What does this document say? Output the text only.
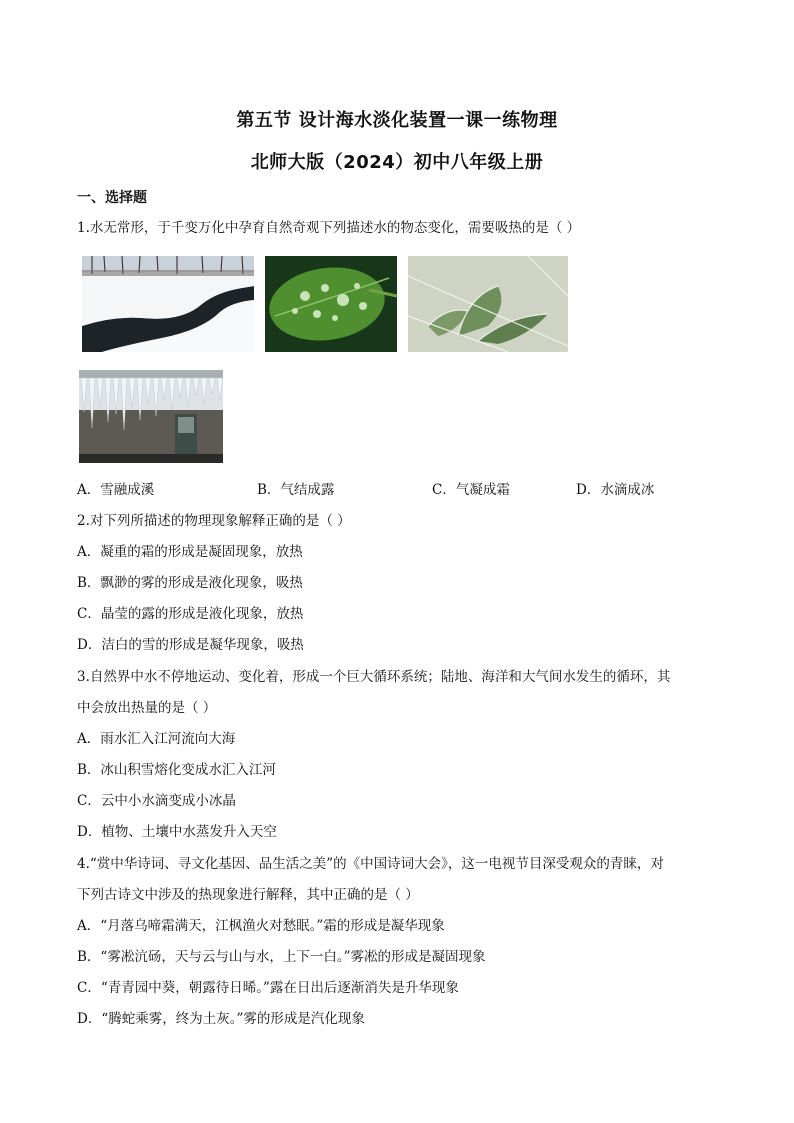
第五节 设计海水淡化装置一课一练物理
北师大版（2024）初中八年级上册
一、选择题
1.水无常形，于千变万化中孕育自然奇观下列描述水的物态变化，需要吸热的是（ ）
A．雪融成溪	B．气结成露	C．气凝成霜	D．水滴成冰
2.对下列所描述的物理现象解释正确的是（ ）
A．凝重的霜的形成是凝固现象，放热
B．飘渺的雾的形成是液化现象，吸热
C．晶莹的露的形成是液化现象，放热
D．洁白的雪的形成是凝华现象，吸热
3.自然界中水不停地运动、变化着，形成一个巨大循环系统；陆地、海洋和大气间水发生的循环，其
中会放出热量的是（ ）
A．雨水汇入江河流向大海
B．冰山积雪熔化变成水汇入江河
C．云中小水滴变成小冰晶
D．植物、土壤中水蒸发升入天空
4.“赏中华诗词、寻文化基因、品生活之美”的《中国诗词大会》，这一电视节目深受观众的青睐，对
下列古诗文中涉及的热现象进行解释，其中正确的是（ ）
A．“月落乌啼霜满天，江枫渔火对愁眠。”霜的形成是凝华现象
B．“雾凇沆砀，天与云与山与水，上下一白。”雾凇的形成是凝固现象
C．“青青园中葵，朝露待日晞。”露在日出后逐渐消失是升华现象
D．“腾蛇乘雾，终为土灰。”雾的形成是汽化现象
